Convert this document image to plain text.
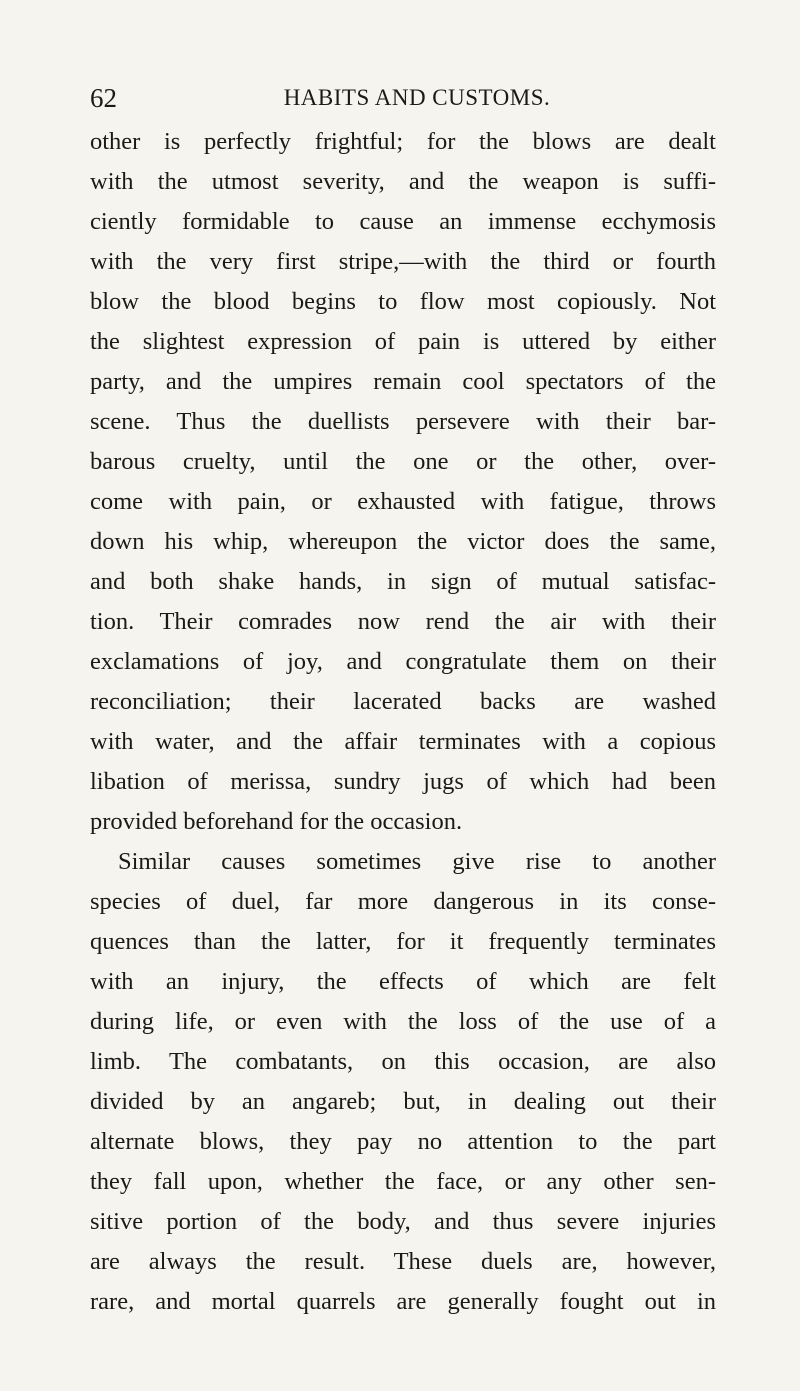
62	HABITS AND CUSTOMS.
other is perfectly frightful; for the blows are dealt
with the utmost severity, and the weapon is suffi-
ciently formidable to cause an immense ecchymosis
with the very first stripe,—with the third or fourth
blow the blood begins to flow most copiously. Not
the slightest expression of pain is uttered by either
party, and the umpires remain cool spectators of the
scene. Thus the duellists persevere with their bar-
barous cruelty, until the one or the other, over-
come with pain, or exhausted with fatigue, throws
down his whip, whereupon the victor does the same,
and both shake hands, in sign of mutual satisfac-
tion. Their comrades now rend the air with their
exclamations of joy, and congratulate them on their
reconciliation; their lacerated backs are washed
with water, and the affair terminates with a copious
libation of merissa, sundry jugs of which had been
provided beforehand for the occasion.
Similar causes sometimes give rise to another
species of duel, far more dangerous in its conse-
quences than the latter, for it frequently terminates
with an injury, the effects of which are felt
during life, or even with the loss of the use of a
limb. The combatants, on this occasion, are also
divided by an angareb; but, in dealing out their
alternate blows, they pay no attention to the part
they fall upon, whether the face, or any other sen-
sitive portion of the body, and thus severe injuries
are always the result. These duels are, however,
rare, and mortal quarrels are generally fought out in
